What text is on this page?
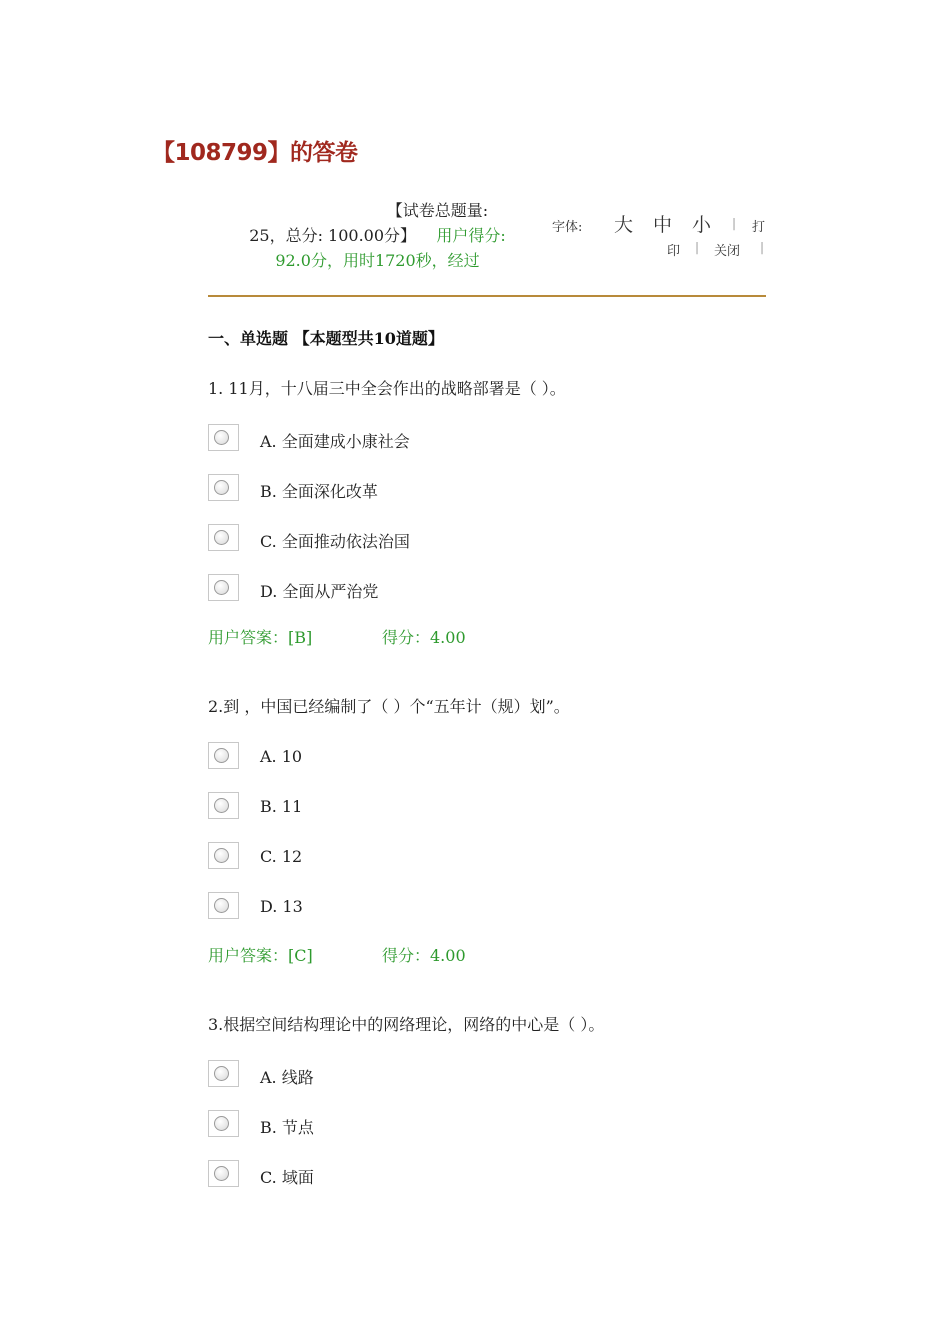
【108799】的答卷
【试卷总题量:
25，总分: 100.00分】 用户得分:
92.0分，用时1720秒，经过
字体: 大 中 小 | 打
印 | 关闭 |
一、单选题 【本题型共10道题】
1. 11月，十八届三中全会作出的战略部署是（ ）。
A. 全面建成小康社会
B. 全面深化改革
C. 全面推动依法治国
D. 全面从严治党
用户答案：[B]	得分：4.00
2.到 ，中国已经编制了（ ）个“五年计（规）划”。
A. 10
B. 11
C. 12
D. 13
用户答案：[C]	得分：4.00
3.根据空间结构理论中的网络理论，网络的中心是（ ）。
A. 线路
B. 节点
C. 域面
